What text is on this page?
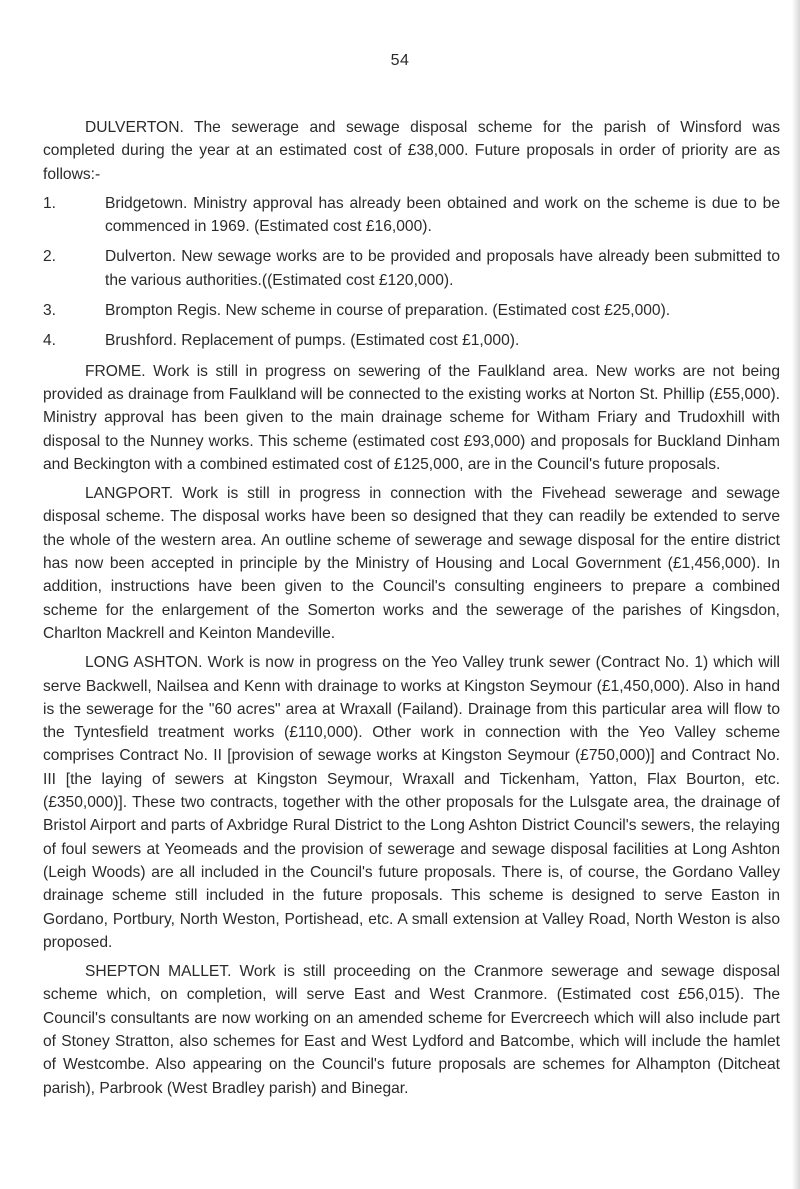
54

DULVERTON. The sewerage and sewage disposal scheme for the parish of Winsford was completed during the year at an estimated cost of £38,000. Future proposals in order of priority are as follows:-

1.	Bridgetown. Ministry approval has already been obtained and work on the scheme is due to be commenced in 1969. (Estimated cost £16,000).
2.	Dulverton. New sewage works are to be provided and proposals have already been submitted to the various authorities.((Estimated cost £120,000).
3.	Brompton Regis. New scheme in course of preparation. (Estimated cost £25,000).
4.	Brushford. Replacement of pumps. (Estimated cost £1,000).

FROME. Work is still in progress on sewering of the Faulkland area. New works are not being provided as drainage from Faulkland will be connected to the existing works at Norton St. Phillip (£55,000). Ministry approval has been given to the main drainage scheme for Witham Friary and Trudoxhill with disposal to the Nunney works. This scheme (estimated cost £93,000) and proposals for Buckland Dinham and Beckington with a combined estimated cost of £125,000, are in the Council's future proposals.

LANGPORT. Work is still in progress in connection with the Fivehead sewerage and sewage disposal scheme. The disposal works have been so designed that they can readily be extended to serve the whole of the western area. An outline scheme of sewerage and sewage disposal for the entire district has now been accepted in principle by the Ministry of Housing and Local Government (£1,456,000). In addition, instructions have been given to the Council's consulting engineers to prepare a combined scheme for the enlargement of the Somerton works and the sewerage of the parishes of Kingsdon, Charlton Mackrell and Keinton Mandeville.

LONG ASHTON. Work is now in progress on the Yeo Valley trunk sewer (Contract No. 1) which will serve Backwell, Nailsea and Kenn with drainage to works at Kingston Seymour (£1,450,000). Also in hand is the sewerage for the "60 acres" area at Wraxall (Failand). Drainage from this particular area will flow to the Tyntesfield treatment works (£110,000). Other work in connection with the Yeo Valley scheme comprises Contract No. II [provision of sewage works at Kingston Seymour (£750,000)] and Contract No. III [the laying of sewers at Kingston Seymour, Wraxall and Tickenham, Yatton, Flax Bourton, etc. (£350,000)]. These two contracts, together with the other proposals for the Lulsgate area, the drainage of Bristol Airport and parts of Axbridge Rural District to the Long Ashton District Council's sewers, the relaying of foul sewers at Yeomeads and the provision of sewerage and sewage disposal facilities at Long Ashton (Leigh Woods) are all included in the Council's future proposals. There is, of course, the Gordano Valley drainage scheme still included in the future proposals. This scheme is designed to serve Easton in Gordano, Portbury, North Weston, Portishead, etc. A small extension at Valley Road, North Weston is also proposed.

SHEPTON MALLET. Work is still proceeding on the Cranmore sewerage and sewage disposal scheme which, on completion, will serve East and West Cranmore. (Estimated cost £56,015). The Council's consultants are now working on an amended scheme for Evercreech which will also include part of Stoney Stratton, also schemes for East and West Lydford and Batcombe, which will include the hamlet of Westcombe. Also appearing on the Council's future proposals are schemes for Alhampton (Ditcheat parish), Parbrook (West Bradley parish) and Binegar.
